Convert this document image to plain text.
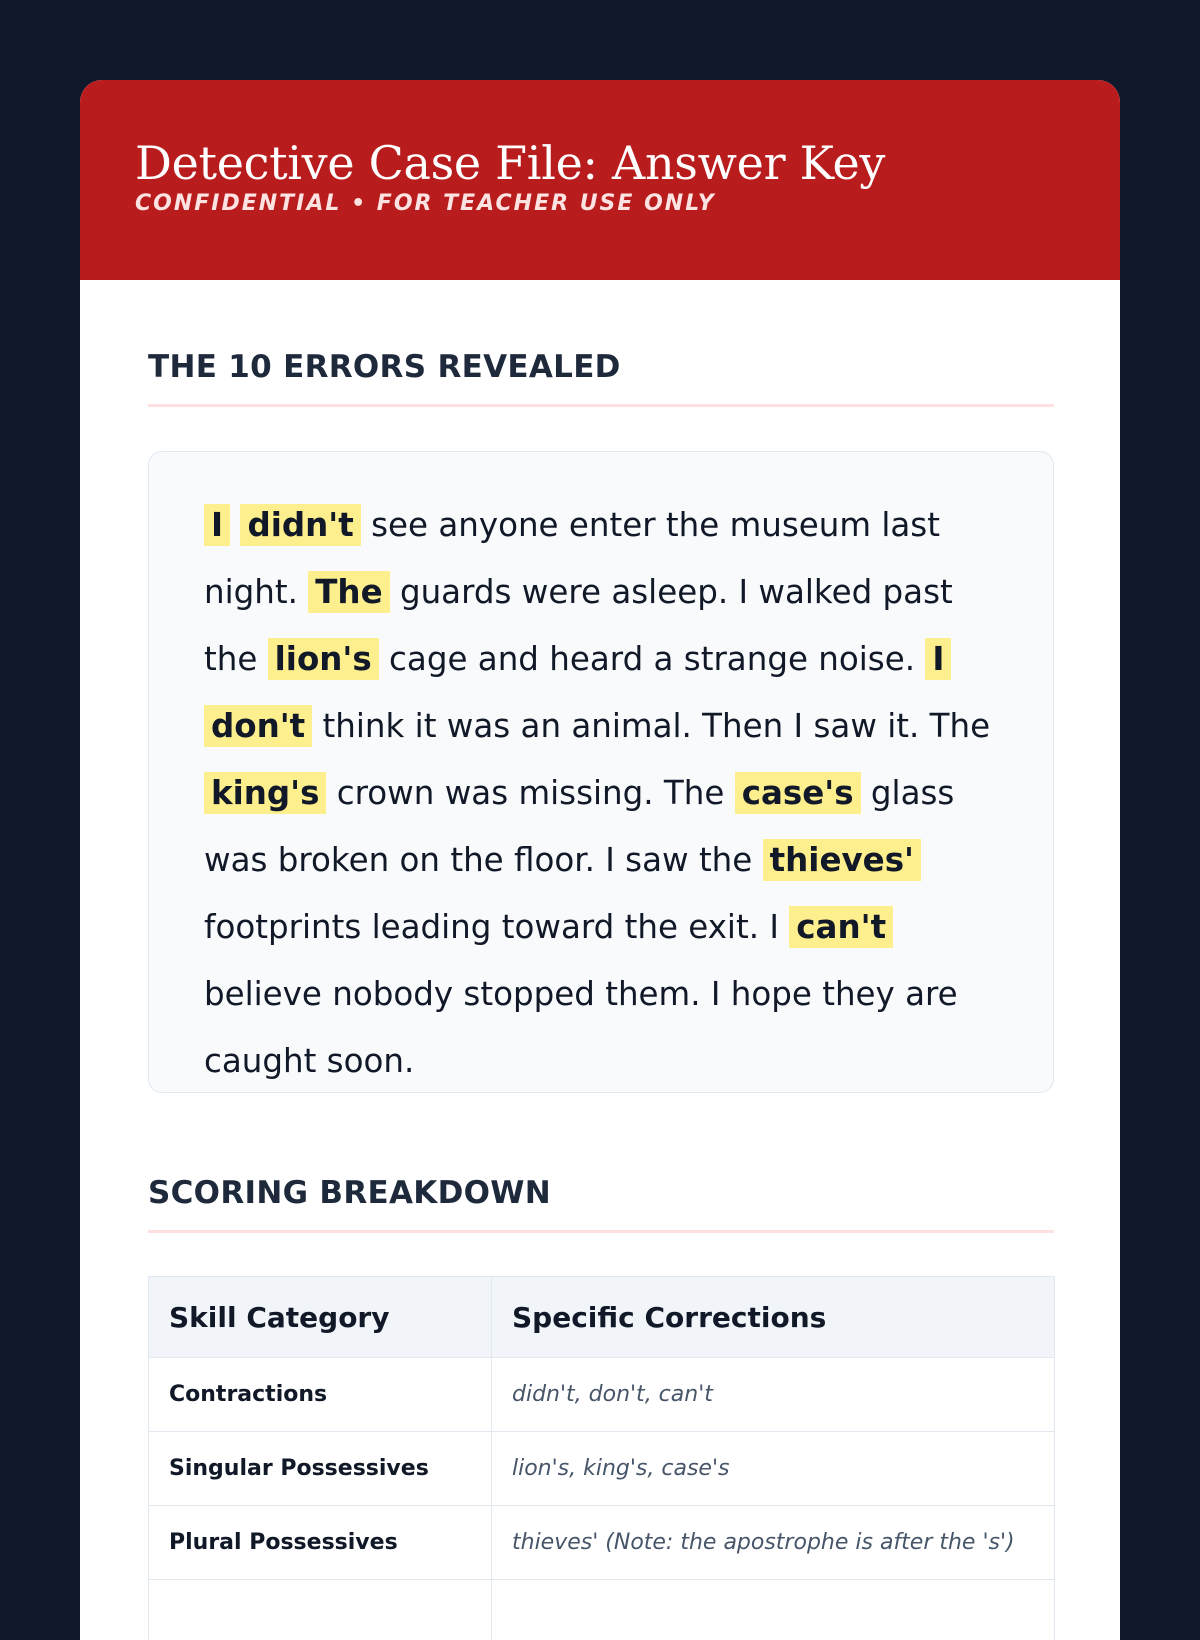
Detective Case File: Answer Key
CONFIDENTIAL • FOR TEACHER USE ONLY
THE 10 ERRORS REVEALED

I didn't see anyone enter the museum last night. The guards were asleep. I walked past the lion's cage and heard a strange noise. I don't think it was an animal. Then I saw it. The king's crown was missing. The case's glass was broken on the floor. I saw the thieves' footprints leading toward the exit. I can't believe nobody stopped them. I hope they are caught soon.

SCORING BREAKDOWN
Skill Category	Specific Corrections
Contractions	didn't, don't, can't
Singular Possessives	lion's, king's, case's
Plural Possessives	thieves' (Note: the apostrophe is after the 's')
